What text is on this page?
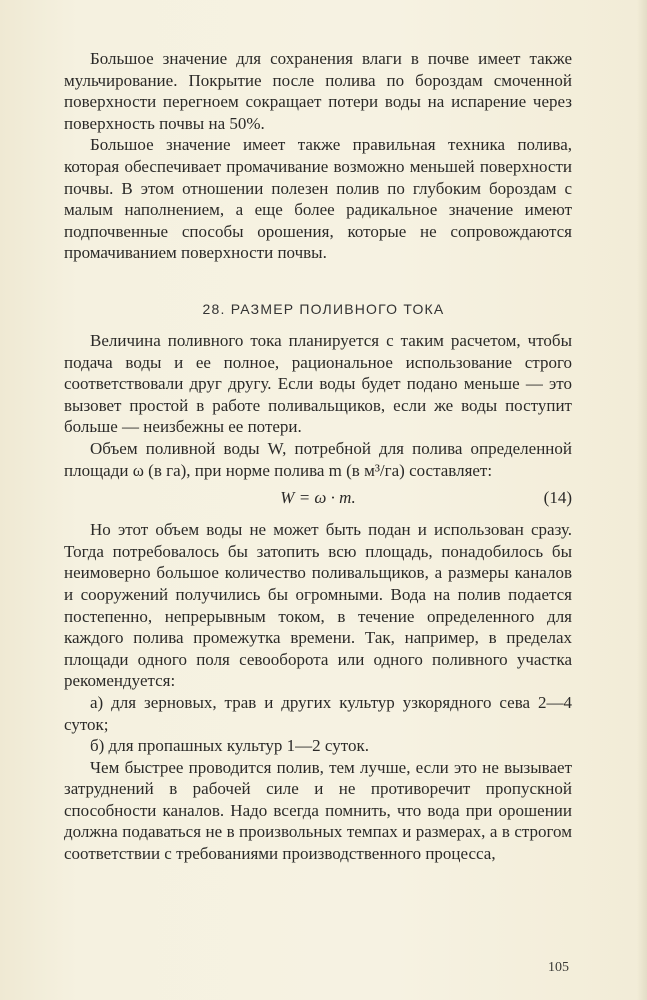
Большое значение для сохранения влаги в почве имеет также мульчирование. Покрытие после полива по бороздам смоченной поверхности перегноем сокращает потери воды на испарение через поверхность почвы на 50%.

Большое значение имеет также правильная техника полива, которая обеспечивает промачивание возможно меньшей поверхности почвы. В этом отношении полезен полив по глубоким бороздам с малым наполнением, а еще более радикальное значение имеют подпочвенные способы орошения, которые не сопровождаются промачиванием поверхности почвы.

28. РАЗМЕР ПОЛИВНОГО ТОКА

Величина поливного тока планируется с таким расчетом, чтобы подача воды и ее полное, рациональное использование строго соответствовали друг другу. Если воды будет подано меньше — это вызовет простой в работе поливальщиков, если же воды поступит больше — неизбежны ее потери.

Объем поливной воды W, потребной для полива определенной площади ω (в га), при норме полива m (в м³/га) составляет:

W = ω · m.	(14)

Но этот объем воды не может быть подан и использован сразу. Тогда потребовалось бы затопить всю площадь, понадобилось бы неимоверно большое количество поливальщиков, а размеры каналов и сооружений получились бы огромными. Вода на полив подается постепенно, непрерывным током, в течение определенного для каждого полива промежутка времени. Так, например, в пределах площади одного поля севооборота или одного поливного участка рекомендуется:

а) для зерновых, трав и других культур узкорядного сева 2—4 суток;

б) для пропашных культур 1—2 суток.

Чем быстрее проводится полив, тем лучше, если это не вызывает затруднений в рабочей силе и не противоречит пропускной способности каналов. Надо всегда помнить, что вода при орошении должна подаваться не в произвольных темпах и размерах, а в строгом соответствии с требованиями производственного процесса,

105
